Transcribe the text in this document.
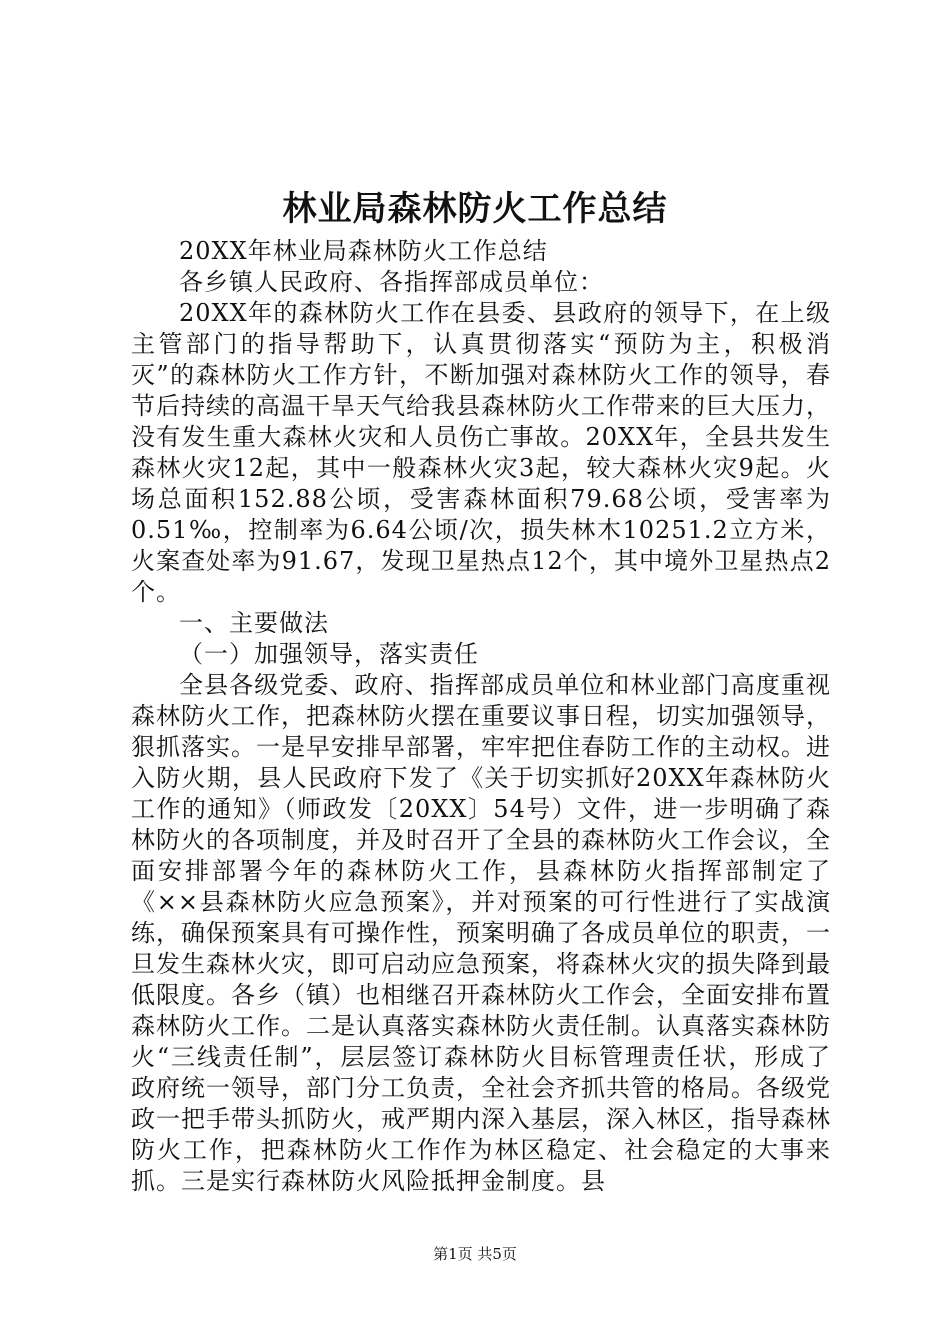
林业局森林防火工作总结

20XX年林业局森林防火工作总结

各乡镇人民政府、各指挥部成员单位：

20XX年的森林防火工作在县委、县政府的领导下，在上级主管部门的指导帮助下，认真贯彻落实“预防为主，积极消灭”的森林防火工作方针，不断加强对森林防火工作的领导，春节后持续的高温干旱天气给我县森林防火工作带来的巨大压力，没有发生重大森林火灾和人员伤亡事故。20XX年，全县共发生森林火灾12起，其中一般森林火灾3起，较大森林火灾9起。火场总面积152.88公顷，受害森林面积79.68公顷，受害率为0.51‰，控制率为6.64公顷/次，损失林木10251.2立方米，火案查处率为91.67，发现卫星热点12个，其中境外卫星热点2个。

一、主要做法

（一）加强领导，落实责任

全县各级党委、政府、指挥部成员单位和林业部门高度重视森林防火工作，把森林防火摆在重要议事日程，切实加强领导，狠抓落实。一是早安排早部署，牢牢把住春防工作的主动权。进入防火期，县人民政府下发了《关于切实抓好20XX年森林防火工作的通知》（师政发〔20XX〕54号）文件，进一步明确了森林防火的各项制度，并及时召开了全县的森林防火工作会议，全面安排部署今年的森林防火工作，县森林防火指挥部制定了《××县森林防火应急预案》，并对预案的可行性进行了实战演练，确保预案具有可操作性，预案明确了各成员单位的职责，一旦发生森林火灾，即可启动应急预案，将森林火灾的损失降到最低限度。各乡（镇）也相继召开森林防火工作会，全面安排布置森林防火工作。二是认真落实森林防火责任制。认真落实森林防火“三线责任制”，层层签订森林防火目标管理责任状，形成了政府统一领导，部门分工负责，全社会齐抓共管的格局。各级党政一把手带头抓防火，戒严期内深入基层，深入林区，指导森林防火工作，把森林防火工作作为林区稳定、社会稳定的大事来抓。三是实行森林防火风险抵押金制度。县

第1页 共5页
